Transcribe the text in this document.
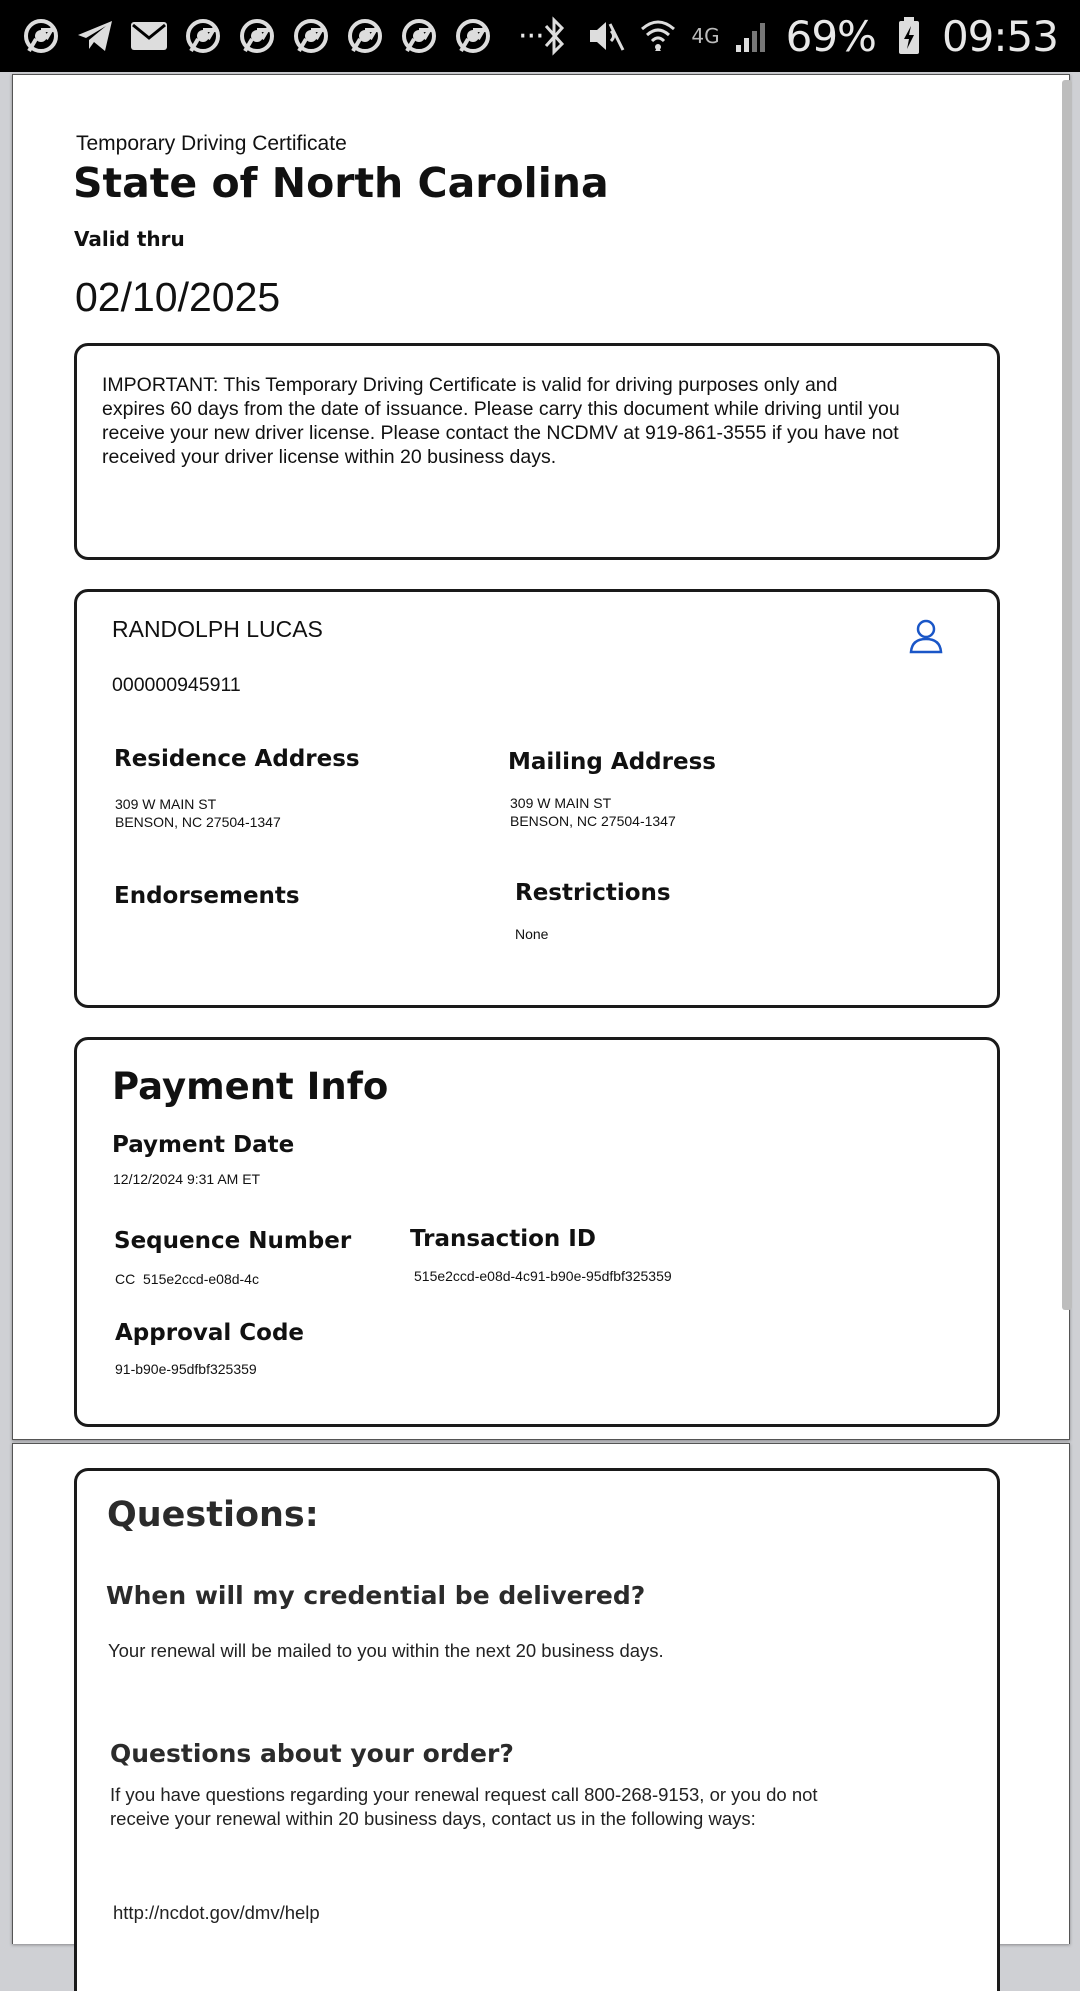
···	4G 69% 09:53
Temporary Driving Certificate
State of North Carolina
Valid thru
02/10/2025
IMPORTANT: This Temporary Driving Certificate is valid for driving purposes only and
expires 60 days from the date of issuance. Please carry this document while driving until you
receive your new driver license. Please contact the NCDMV at 919-861-3555 if you have not
received your driver license within 20 business days.
RANDOLPH LUCAS
000000945911
Residence Address
309 W MAIN ST
BENSON, NC 27504-1347
Mailing Address
309 W MAIN ST
BENSON, NC 27504-1347
Endorsements	Restrictions
None
Payment Info
Payment Date
12/12/2024 9:31 AM ET
Sequence Number
CC  515e2ccd-e08d-4c
Transaction ID
515e2ccd-e08d-4c91-b90e-95dfbf325359
Approval Code
91-b90e-95dfbf325359
Questions:
When will my credential be delivered?
Your renewal will be mailed to you within the next 20 business days.
Questions about your order?
If you have questions regarding your renewal request call 800-268-9153, or you do not
receive your renewal within 20 business days, contact us in the following ways:
http://ncdot.gov/dmv/help
